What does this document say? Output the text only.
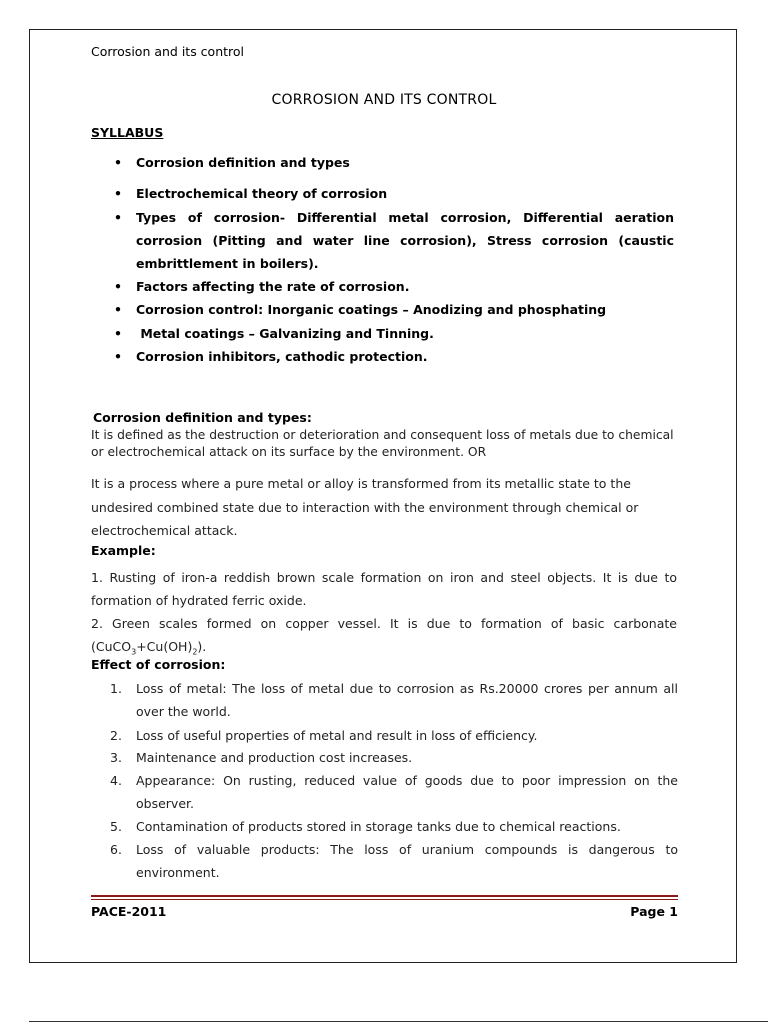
Corrosion and its control
CORROSION AND ITS CONTROL
SYLLABUS
• Corrosion definition and types
• Electrochemical theory of corrosion
• Types of corrosion- Differential metal corrosion, Differential aeration corrosion (Pitting and water line corrosion), Stress corrosion (caustic embrittlement in boilers).
• Factors affecting the rate of corrosion.
• Corrosion control: Inorganic coatings – Anodizing and phosphating
• Metal coatings – Galvanizing and Tinning.
• Corrosion inhibitors, cathodic protection.
Corrosion definition and types:

It is defined as the destruction or deterioration and consequent loss of metals due to chemical or electrochemical attack on its surface by the environment. OR

It is a process where a pure metal or alloy is transformed from its metallic state to the undesired combined state due to interaction with the environment through chemical or electrochemical attack.

Example:

1. Rusting of iron-a reddish brown scale formation on iron and steel objects. It is due to

formation of hydrated ferric oxide.

2. Green scales formed on copper vessel. It is due to formation of basic carbonate

$(CuCO_3+Cu(OH)_2)$.

Effect of corrosion:
1. Loss of metal: The loss of metal due to corrosion as Rs.20000 crores per annum all over the world.
2. Loss of useful properties of metal and result in loss of efficiency.
3. Maintenance and production cost increases.
4. Appearance: On rusting, reduced value of goods due to poor impression on the observer.
5. Contamination of products stored in storage tanks due to chemical reactions.
6. Loss of valuable products: The loss of uranium compounds is dangerous to environment.
PACE-2011	Page 1
